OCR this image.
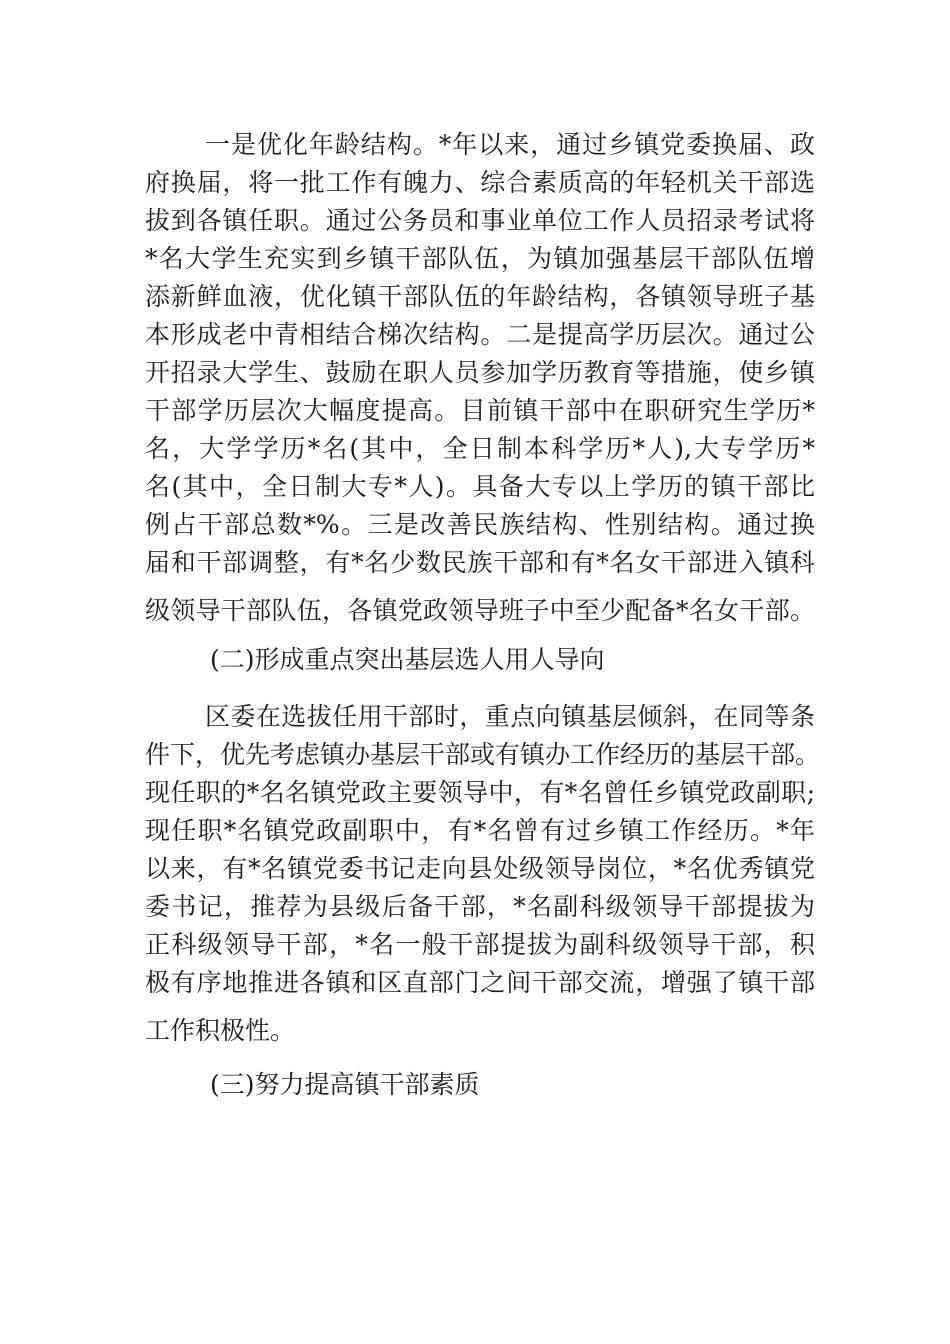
一是优化年龄结构。*年以来，通过乡镇党委换届、政
府换届，将一批工作有魄力、综合素质高的年轻机关干部选
拔到各镇任职。通过公务员和事业单位工作人员招录考试将
*名大学生充实到乡镇干部队伍，为镇加强基层干部队伍增
添新鲜血液，优化镇干部队伍的年龄结构，各镇领导班子基
本形成老中青相结合梯次结构。二是提高学历层次。通过公
开招录大学生、鼓励在职人员参加学历教育等措施，使乡镇
干部学历层次大幅度提高。目前镇干部中在职研究生学历*
名，大学学历*名(其中，全日制本科学历*人),大专学历*
名(其中，全日制大专*人)。具备大专以上学历的镇干部比
例占干部总数*%。三是改善民族结构、性别结构。通过换
届和干部调整，有*名少数民族干部和有*名女干部进入镇科
级领导干部队伍，各镇党政领导班子中至少配备*名女干部。
(二)形成重点突出基层选人用人导向
区委在选拔任用干部时，重点向镇基层倾斜，在同等条
件下，优先考虑镇办基层干部或有镇办工作经历的基层干部。
现任职的*名名镇党政主要领导中，有*名曾任乡镇党政副职;
现任职*名镇党政副职中，有*名曾有过乡镇工作经历。*年
以来，有*名镇党委书记走向县处级领导岗位，*名优秀镇党
委书记，推荐为县级后备干部，*名副科级领导干部提拔为
正科级领导干部，*名一般干部提拔为副科级领导干部，积
极有序地推进各镇和区直部门之间干部交流，增强了镇干部
工作积极性。
(三)努力提高镇干部素质
